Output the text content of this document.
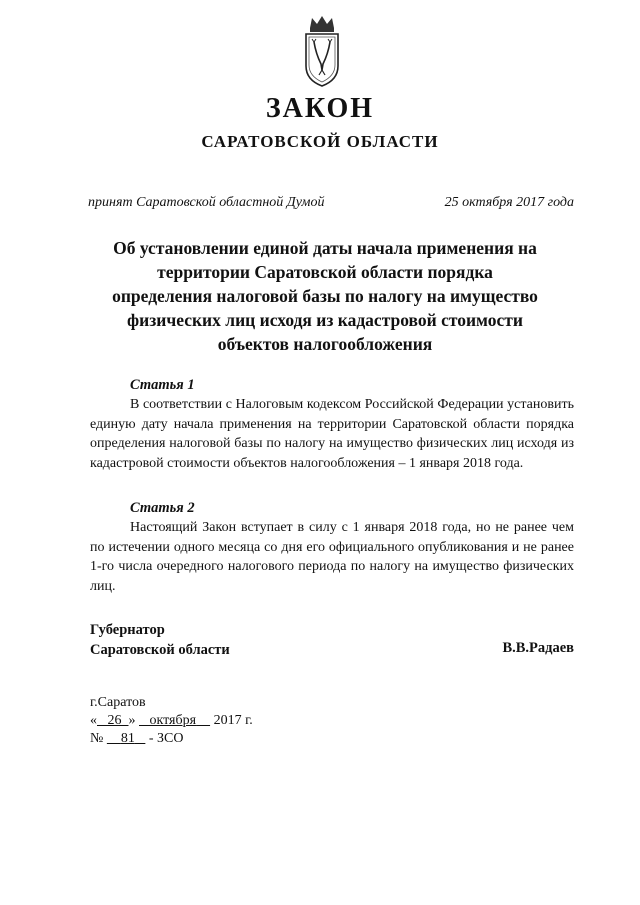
ЗАКОН
САРАТОВСКОЙ ОБЛАСТИ
принят Саратовской областной Думой	25 октября 2017 года
Об установлении единой даты начала применения на
территории Саратовской области порядка
определения налоговой базы по налогу на имущество
физических лиц исходя из кадастровой стоимости
объектов налогообложения
Статья 1

В соответствии с Налоговым кодексом Российской Федерации установить единую дату начала применения на территории Саратовской области порядка определения налоговой базы по налогу на имущество физических лиц исходя из кадастровой стоимости объектов налогообложения – 1 января 2018 года.

Статья 2

Настоящий Закон вступает в силу с 1 января 2018 года, но не ранее чем по истечении одного месяца со дня его официального опубликования и не ранее 1-го числа очередного налогового периода по налогу на имущество физических лиц.

Губернатор
Саратовской области	В.В.Радаев
г.Саратов
« 26 » октября 2017 г.
№ 81 - ЗСО
